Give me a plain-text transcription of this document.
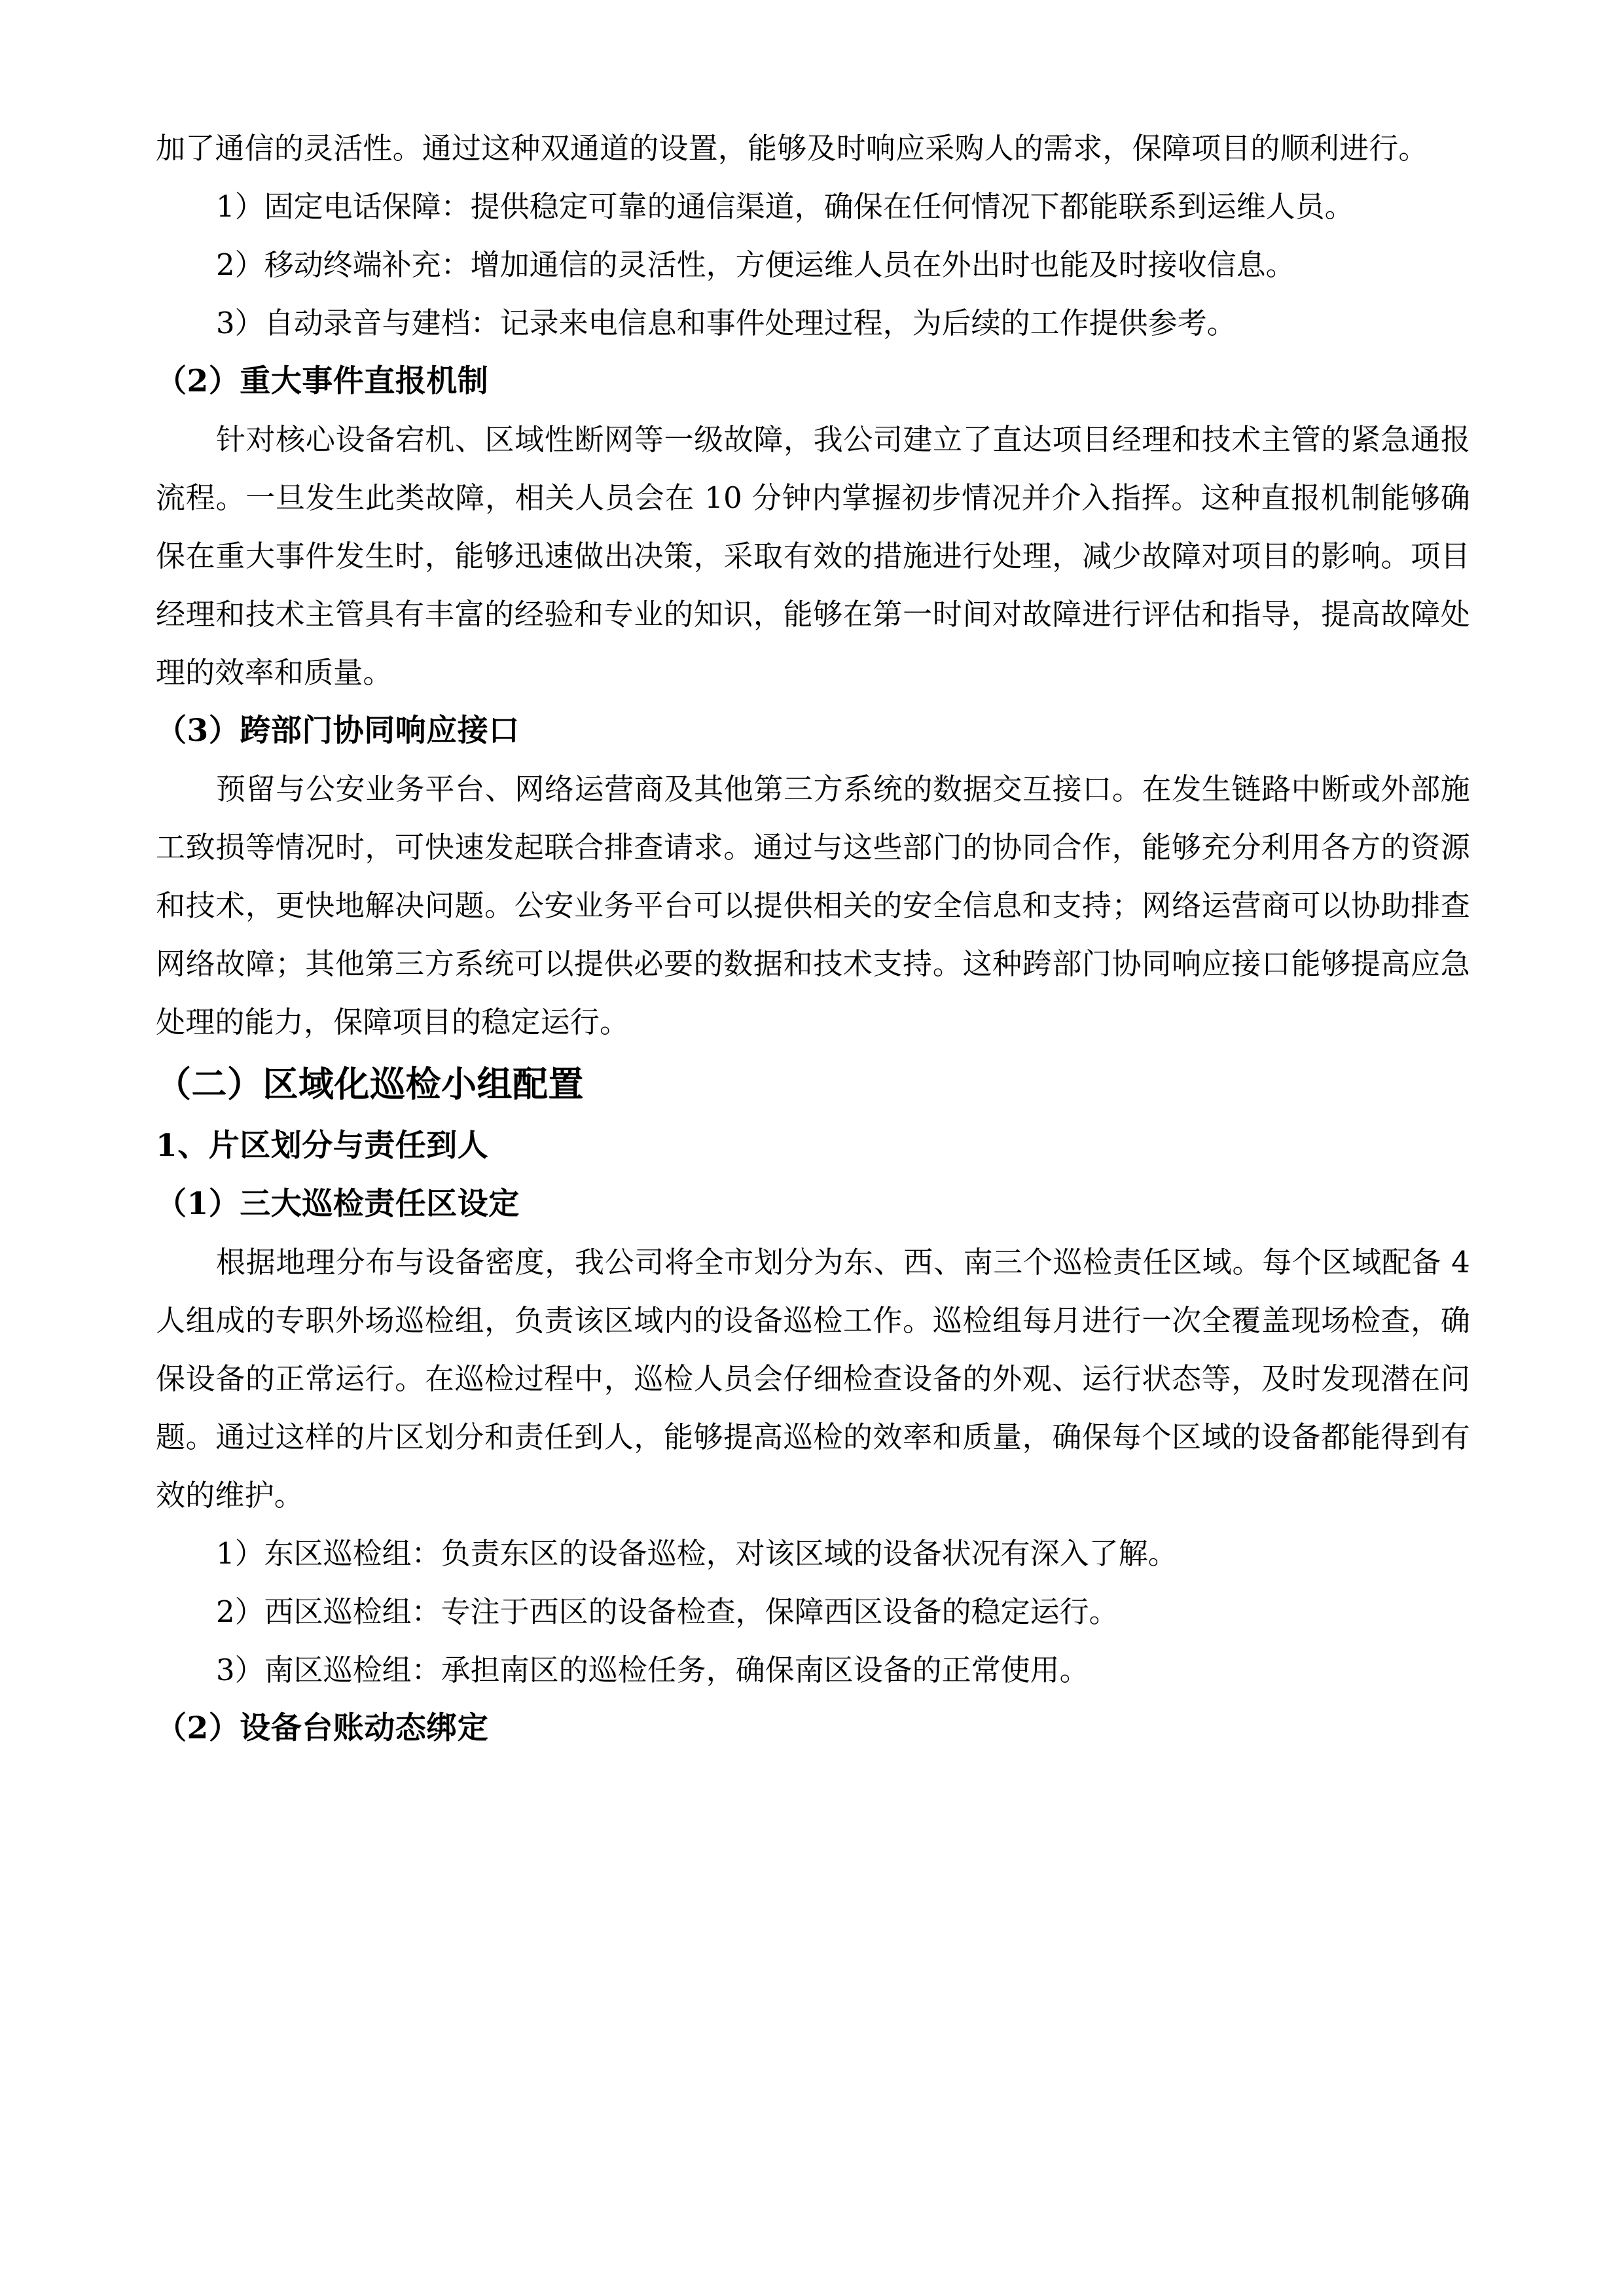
加了通信的灵活性。通过这种双通道的设置，能够及时响应采购人的需求，保障项目的顺利进行。

1）固定电话保障：提供稳定可靠的通信渠道，确保在任何情况下都能联系到运维人员。

2）移动终端补充：增加通信的灵活性，方便运维人员在外出时也能及时接收信息。

3）自动录音与建档：记录来电信息和事件处理过程，为后续的工作提供参考。

（2）重大事件直报机制

针对核心设备宕机、区域性断网等一级故障，我公司建立了直达项目经理和技术主管的紧急通报流程。一旦发生此类故障，相关人员会在 10 分钟内掌握初步情况并介入指挥。这种直报机制能够确保在重大事件发生时，能够迅速做出决策，采取有效的措施进行处理，减少故障对项目的影响。项目经理和技术主管具有丰富的经验和专业的知识，能够在第一时间对故障进行评估和指导，提高故障处理的效率和质量。

（3）跨部门协同响应接口

预留与公安业务平台、网络运营商及其他第三方系统的数据交互接口。在发生链路中断或外部施工致损等情况时，可快速发起联合排查请求。通过与这些部门的协同合作，能够充分利用各方的资源和技术，更快地解决问题。公安业务平台可以提供相关的安全信息和支持；网络运营商可以协助排查网络故障；其他第三方系统可以提供必要的数据和技术支持。这种跨部门协同响应接口能够提高应急处理的能力，保障项目的稳定运行。

（二）区域化巡检小组配置
1、片区划分与责任到人
（1）三大巡检责任区设定

根据地理分布与设备密度，我公司将全市划分为东、西、南三个巡检责任区域。每个区域配备 4 人组成的专职外场巡检组，负责该区域内的设备巡检工作。巡检组每月进行一次全覆盖现场检查，确保设备的正常运行。在巡检过程中，巡检人员会仔细检查设备的外观、运行状态等，及时发现潜在问题。通过这样的片区划分和责任到人，能够提高巡检的效率和质量，确保每个区域的设备都能得到有效的维护。

1）东区巡检组：负责东区的设备巡检，对该区域的设备状况有深入了解。

2）西区巡检组：专注于西区的设备检查，保障西区设备的稳定运行。

3）南区巡检组：承担南区的巡检任务，确保南区设备的正常使用。

（2）设备台账动态绑定
